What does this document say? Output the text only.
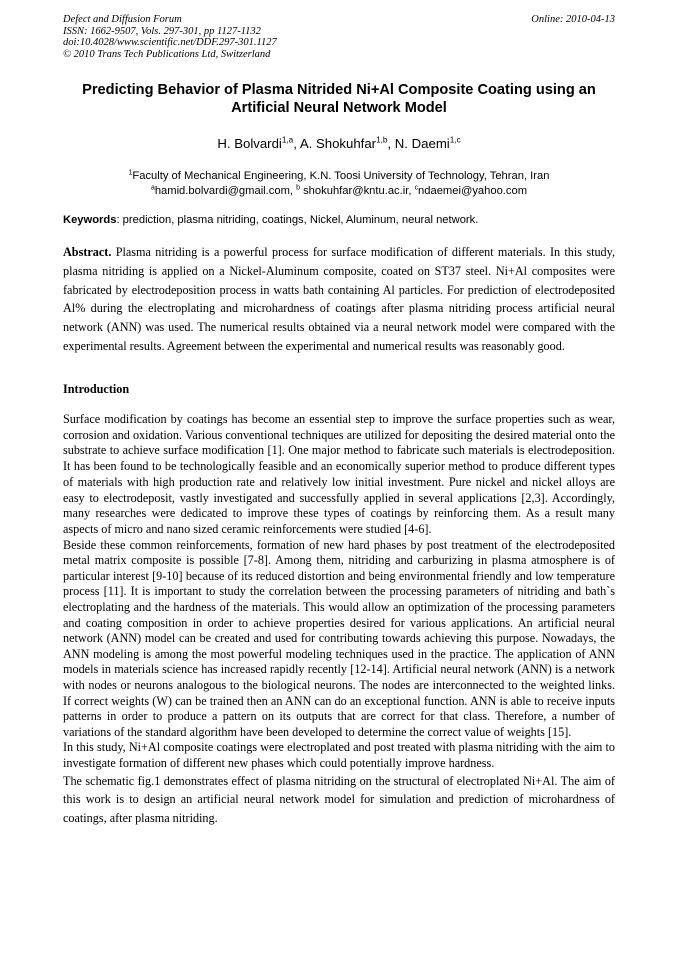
Defect and Diffusion Forum
ISSN: 1662-9507, Vols. 297-301, pp 1127-1132
doi:10.4028/www.scientific.net/DDF.297-301.1127
© 2010 Trans Tech Publications Ltd, Switzerland
Online: 2010-04-13
Predicting Behavior of Plasma Nitrided Ni+Al Composite Coating using an Artificial Neural Network Model
H. Bolvardi$^{1,a}$, A. Shokuhfar$^{1,b}$, N. Daemi$^{1,c}$
$^1$Faculty of Mechanical Engineering, K.N. Toosi University of Technology, Tehran, Iran
$^a$hamid.bolvardi@gmail.com, $^b$ shokuhfar@kntu.ac.ir, $^c$ndaemei@yahoo.com
Keywords: prediction, plasma nitriding, coatings, Nickel, Aluminum, neural network.
Abstract. Plasma nitriding is a powerful process for surface modification of different materials. In this study, plasma nitriding is applied on a Nickel-Aluminum composite, coated on ST37 steel. Ni+Al composites were fabricated by electrodeposition process in watts bath containing Al particles. For prediction of electrodeposited Al% during the electroplating and microhardness of coatings after plasma nitriding process artificial neural network (ANN) was used. The numerical results obtained via a neural network model were compared with the experimental results. Agreement between the experimental and numerical results was reasonably good.
Introduction

Surface modification by coatings has become an essential step to improve the surface properties such as wear, corrosion and oxidation. Various conventional techniques are utilized for depositing the desired material onto the substrate to achieve surface modification [1]. One major method to fabricate such materials is electrodeposition. It has been found to be technologically feasible and an economically superior method to produce different types of materials with high production rate and relatively low initial investment. Pure nickel and nickel alloys are easy to electrodeposit, vastly investigated and successfully applied in several applications [2,3]. Accordingly, many researches were dedicated to improve these types of coatings by reinforcing them. As a result many aspects of micro and nano sized ceramic reinforcements were studied [4-6].

Beside these common reinforcements, formation of new hard phases by post treatment of the electrodeposited metal matrix composite is possible [7-8]. Among them, nitriding and carburizing in plasma atmosphere is of particular interest [9-10] because of its reduced distortion and being environmental friendly and low temperature process [11]. It is important to study the correlation between the processing parameters of nitriding and bath`s electroplating and the hardness of the materials. This would allow an optimization of the processing parameters and coating composition in order to achieve properties desired for various applications. An artificial neural network (ANN) model can be created and used for contributing towards achieving this purpose. Nowadays, the ANN modeling is among the most powerful modeling techniques used in the practice. The application of ANN models in materials science has increased rapidly recently [12-14]. Artificial neural network (ANN) is a network with nodes or neurons analogous to the biological neurons. The nodes are interconnected to the weighted links. If correct weights (W) can be trained then an ANN can do an exceptional function. ANN is able to receive inputs patterns in order to produce a pattern on its outputs that are correct for that class. Therefore, a number of variations of the standard algorithm have been developed to determine the correct value of weights [15].

In this study, Ni+Al composite coatings were electroplated and post treated with plasma nitriding with the aim to investigate formation of different new phases which could potentially improve hardness.

The schematic fig.1 demonstrates effect of plasma nitriding on the structural of electroplated Ni+Al. The aim of this work is to design an artificial neural network model for simulation and prediction of microhardness of coatings, after plasma nitriding.
